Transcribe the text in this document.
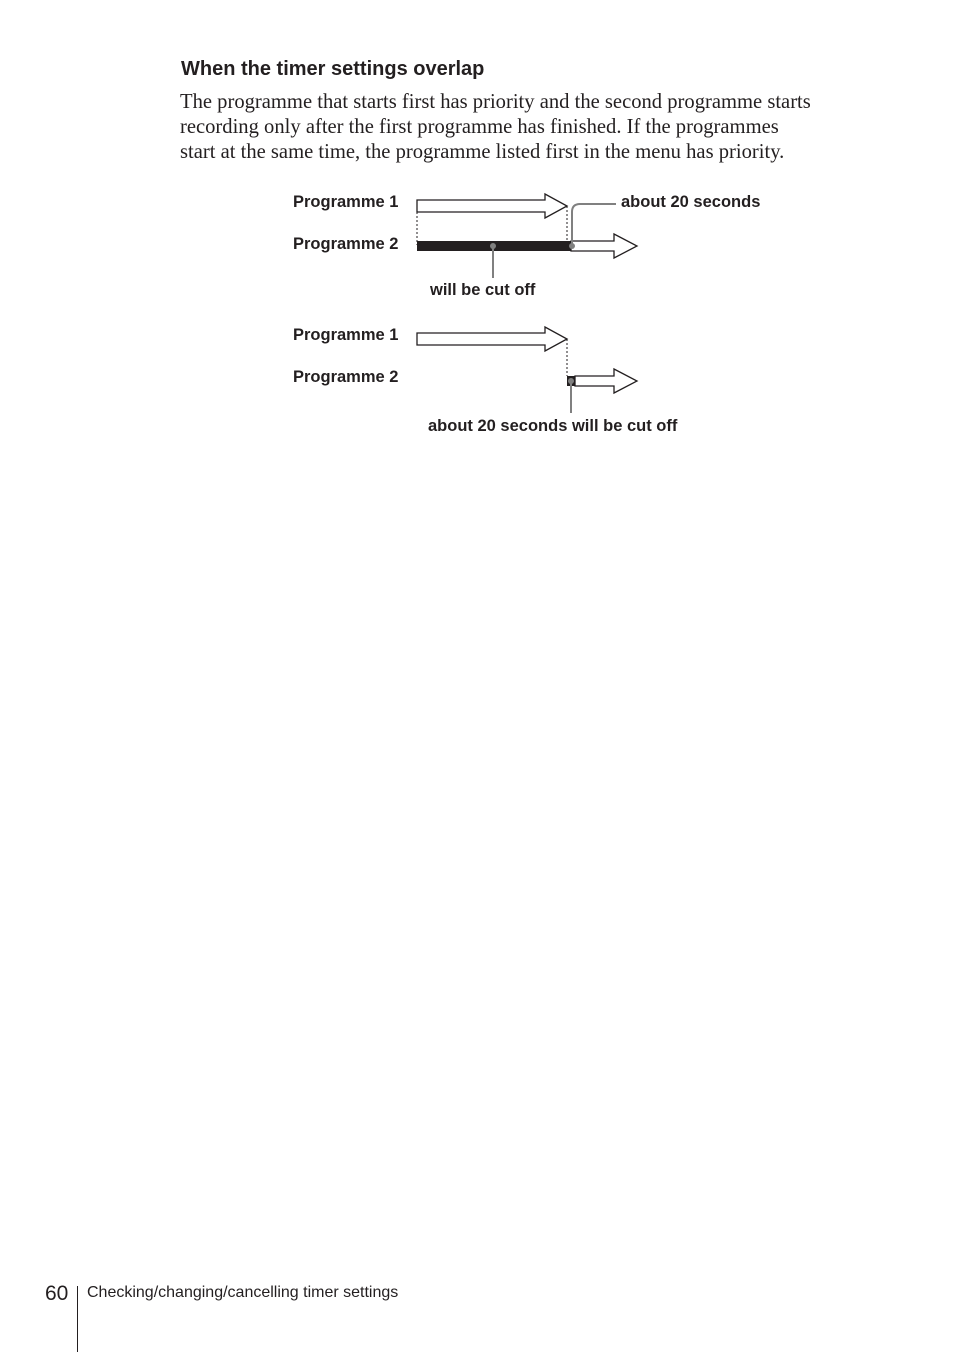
When the timer settings overlap

The programme that starts first has priority and the second programme starts
recording only after the first programme has finished. If the programmes
start at the same time, the programme listed first in the menu has priority.

Programme 1
Programme 2
about 20 seconds
will be cut off
Programme 1
Programme 2
about 20 seconds will be cut off

60 Checking/changing/cancelling timer settings
